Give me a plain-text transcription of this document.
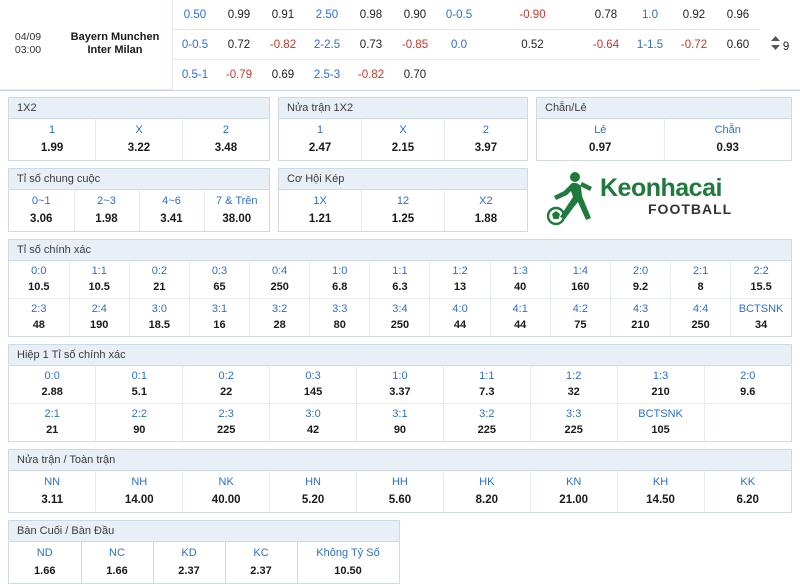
04/09
03:00
Bayern Munchen
Inter Milan	0.50	0.99	0.91	2.50	0.98	0.90	0-0.5	-0.90	0.78	1.0	0.92	0.96	9
	0-0.5	0.72	-0.82	2-2.5	0.73	-0.85	0.0	0.52	-0.64	1-1.5	-0.72	0.60	
	0.5-1	-0.79	0.69	2.5-3	-0.82	0.70							
1X2
1	X	2
1.99	3.22	3.48
Nửa trận 1X2
1	X	2
2.47	2.15	3.97
Chẵn/Lẻ
Lẻ	Chẵn
0.97	0.93
Tỉ số chung cuộc
0~1	2~3	4~6	7 & Trên
3.06	1.98	3.41	38.00
Cơ Hội Kép
1X	12	X2
1.21	1.25	1.88
Keonhacai
FOOTBALL
Tỉ số chính xác
0:0	1:1	0:2	0:3	0:4	1:0	1:1	1:2	1:3	1:4	2:0	2:1	2:2
10.5	10.5	21	65	250	6.8	6.3	13	40	160	9.2	8	15.5
2:3	2:4	3:0	3:1	3:2	3:3	3:4	4:0	4:1	4:2	4:3	4:4	BCTSNK
48	190	18.5	16	28	80	250	44	44	75	210	250	34
Hiệp 1 Tỉ số chính xác
0:0	0:1	0:2	0:3	1:0	1:1	1:2	1:3	2:0
2.88	5.1	22	145	3.37	7.3	32	210	9.6
2:1	2:2	2:3	3:0	3:1	3:2	3:3	BCTSNK	
21	90	225	42	90	225	225	105	
Nửa trận / Toàn trận
NN	NH	NK	HN	HH	HK	KN	KH	KK
3.11	14.00	40.00	5.20	5.60	8.20	21.00	14.50	6.20
Bàn Cuối / Bàn Đầu
ND	NC	KD	KC	Không Tỷ Số
1.66	1.66	2.37	2.37	10.50
